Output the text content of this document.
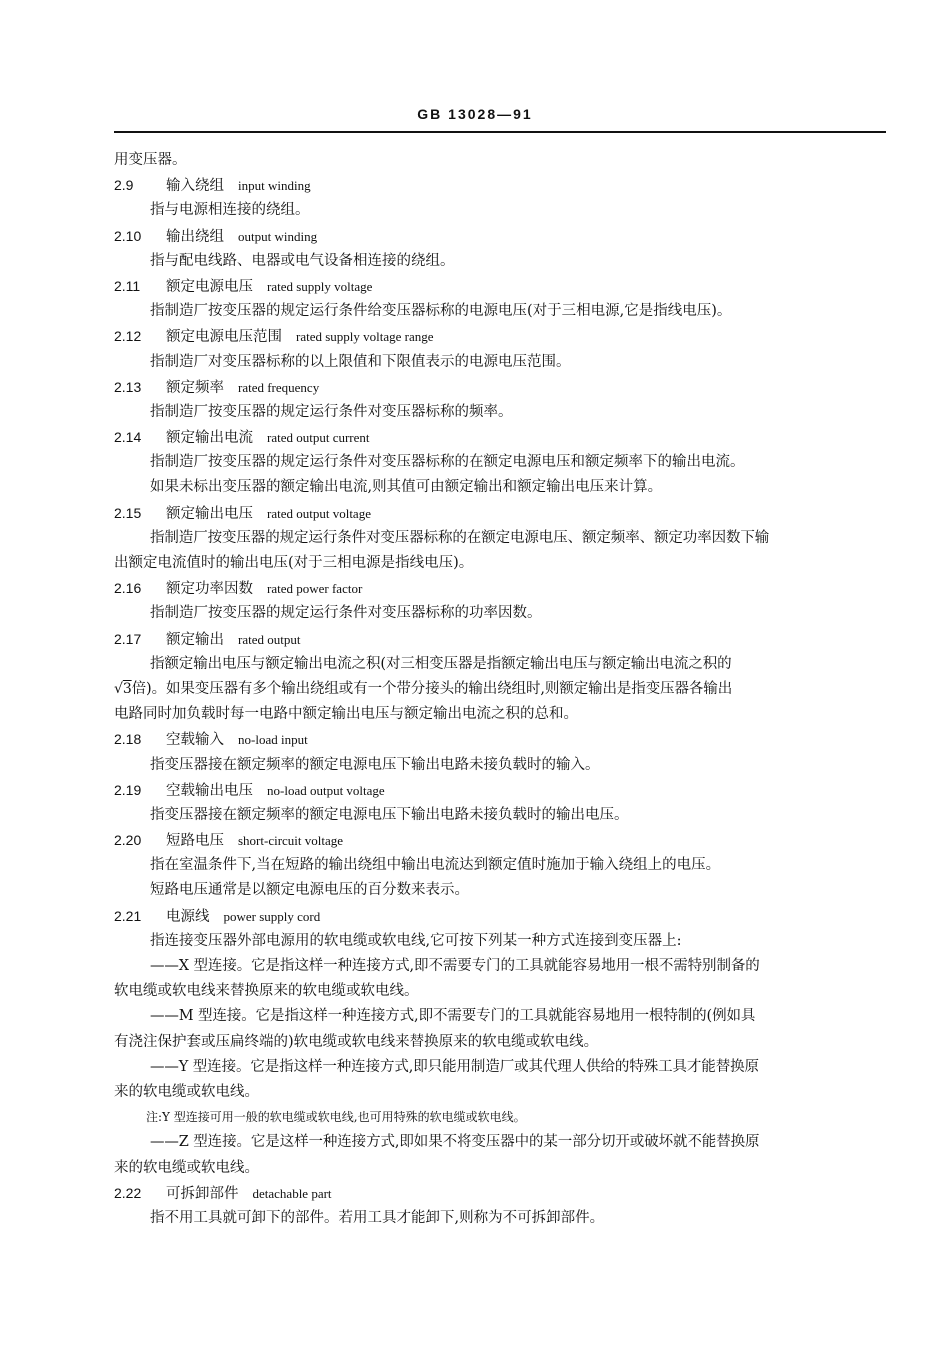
GB 13028—91
用变压器。
2.9 输入绕组 input winding
指与电源相连接的绕组。
2.10 输出绕组 output winding
指与配电线路、电器或电气设备相连接的绕组。
2.11 额定电源电压 rated supply voltage
指制造厂按变压器的规定运行条件给变压器标称的电源电压(对于三相电源,它是指线电压)。
2.12 额定电源电压范围 rated supply voltage range
指制造厂对变压器标称的以上限值和下限值表示的电源电压范围。
2.13 额定频率 rated frequency
指制造厂按变压器的规定运行条件对变压器标称的频率。
2.14 额定输出电流 rated output current
指制造厂按变压器的规定运行条件对变压器标称的在额定电源电压和额定频率下的输出电流。
如果未标出变压器的额定输出电流,则其值可由额定输出和额定输出电压来计算。
2.15 额定输出电压 rated output voltage
指制造厂按变压器的规定运行条件对变压器标称的在额定电源电压、额定频率、额定功率因数下输
出额定电流值时的输出电压(对于三相电源是指线电压)。
2.16 额定功率因数 rated power factor
指制造厂按变压器的规定运行条件对变压器标称的功率因数。
2.17 额定输出 rated output
指额定输出电压与额定输出电流之积(对三相变压器是指额定输出电压与额定输出电流之积的
√3倍)。如果变压器有多个输出绕组或有一个带分接头的输出绕组时,则额定输出是指变压器各输出
电路同时加负载时每一电路中额定输出电压与额定输出电流之积的总和。
2.18 空载输入 no-load input
指变压器接在额定频率的额定电源电压下输出电路未接负载时的输入。
2.19 空载输出电压 no-load output voltage
指变压器接在额定频率的额定电源电压下输出电路未接负载时的输出电压。
2.20 短路电压 short-circuit voltage
指在室温条件下,当在短路的输出绕组中输出电流达到额定值时施加于输入绕组上的电压。
短路电压通常是以额定电源电压的百分数来表示。
2.21 电源线 power supply cord
指连接变压器外部电源用的软电缆或软电线,它可按下列某一种方式连接到变压器上:
——X 型连接。它是指这样一种连接方式,即不需要专门的工具就能容易地用一根不需特别制备的
软电缆或软电线来替换原来的软电缆或软电线。
——M 型连接。它是指这样一种连接方式,即不需要专门的工具就能容易地用一根特制的(例如具
有浇注保护套或压扁终端的)软电缆或软电线来替换原来的软电缆或软电线。
——Y 型连接。它是指这样一种连接方式,即只能用制造厂或其代理人供给的特殊工具才能替换原
来的软电缆或软电线。
注:Y 型连接可用一般的软电缆或软电线,也可用特殊的软电缆或软电线。
——Z 型连接。它是这样一种连接方式,即如果不将变压器中的某一部分切开或破坏就不能替换原
来的软电缆或软电线。
2.22 可拆卸部件 detachable part
指不用工具就可卸下的部件。若用工具才能卸下,则称为不可拆卸部件。
